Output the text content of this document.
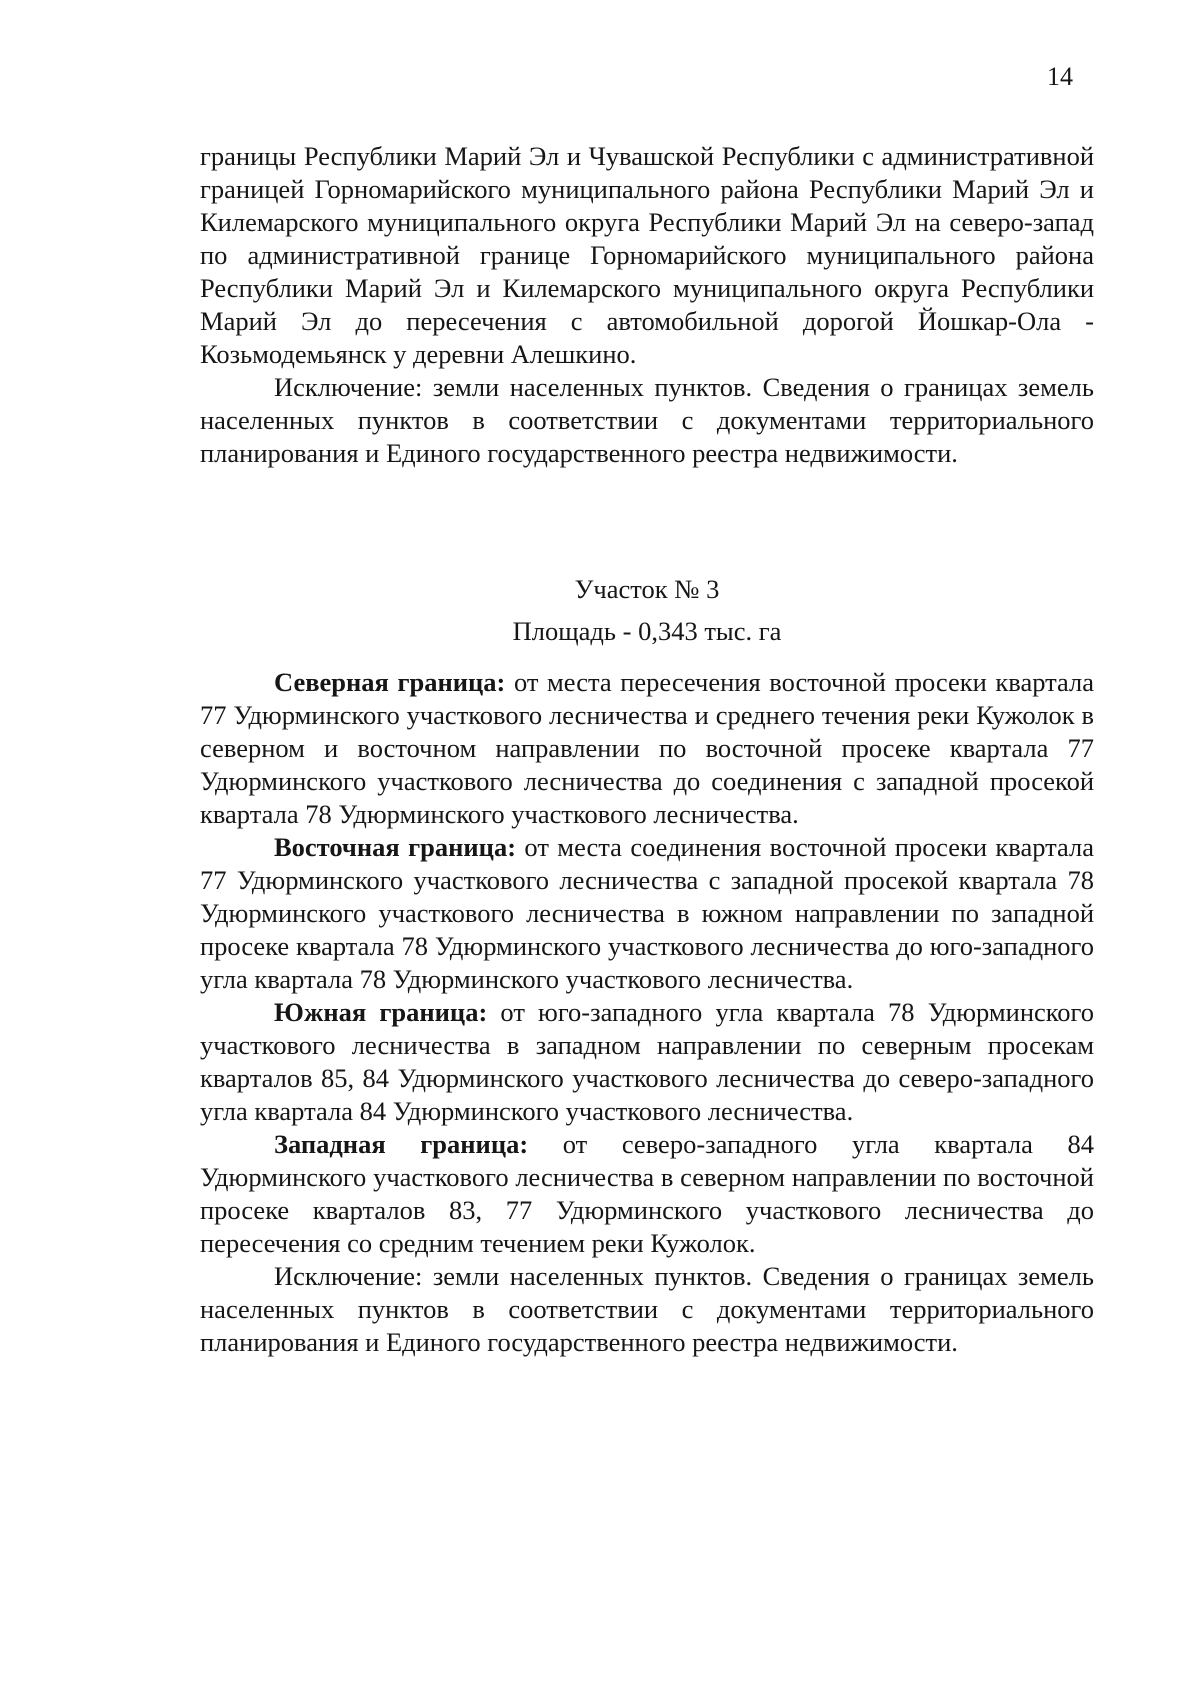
14

границы Республики Марий Эл и Чувашской Республики с административной границей Горномарийского муниципального района Республики Марий Эл и Килемарского муниципального округа Республики Марий Эл на северо-запад по административной границе Горномарийского муниципального района Республики Марий Эл и Килемарского муниципального округа Республики Марий Эл до пересечения с автомобильной дорогой Йошкар-Ола - Козьмодемьянск у деревни Алешкино.

Исключение: земли населенных пунктов. Сведения о границах земель населенных пунктов в соответствии с документами территориального планирования и Единого государственного реестра недвижимости.

Участок № 3

Площадь - 0,343 тыс. га

Северная граница: от места пересечения восточной просеки квартала 77 Удюрминского участкового лесничества и среднего течения реки Кужолок в северном и восточном направлении по восточной просеке квартала 77 Удюрминского участкового лесничества до соединения с западной просекой квартала 78 Удюрминского участкового лесничества.

Восточная граница: от места соединения восточной просеки квартала 77 Удюрминского участкового лесничества с западной просекой квартала 78 Удюрминского участкового лесничества в южном направлении по западной просеке квартала 78 Удюрминского участкового лесничества до юго-западного угла квартала 78 Удюрминского участкового лесничества.

Южная граница: от юго-западного угла квартала 78 Удюрминского участкового лесничества в западном направлении по северным просекам кварталов 85, 84 Удюрминского участкового лесничества до северо-западного угла квартала 84 Удюрминского участкового лесничества.

Западная граница: от северо-западного угла квартала 84 Удюрминского участкового лесничества в северном направлении по восточной просеке кварталов 83, 77 Удюрминского участкового лесничества до пересечения со средним течением реки Кужолок.

Исключение: земли населенных пунктов. Сведения о границах земель населенных пунктов в соответствии с документами территориального планирования и Единого государственного реестра недвижимости.
